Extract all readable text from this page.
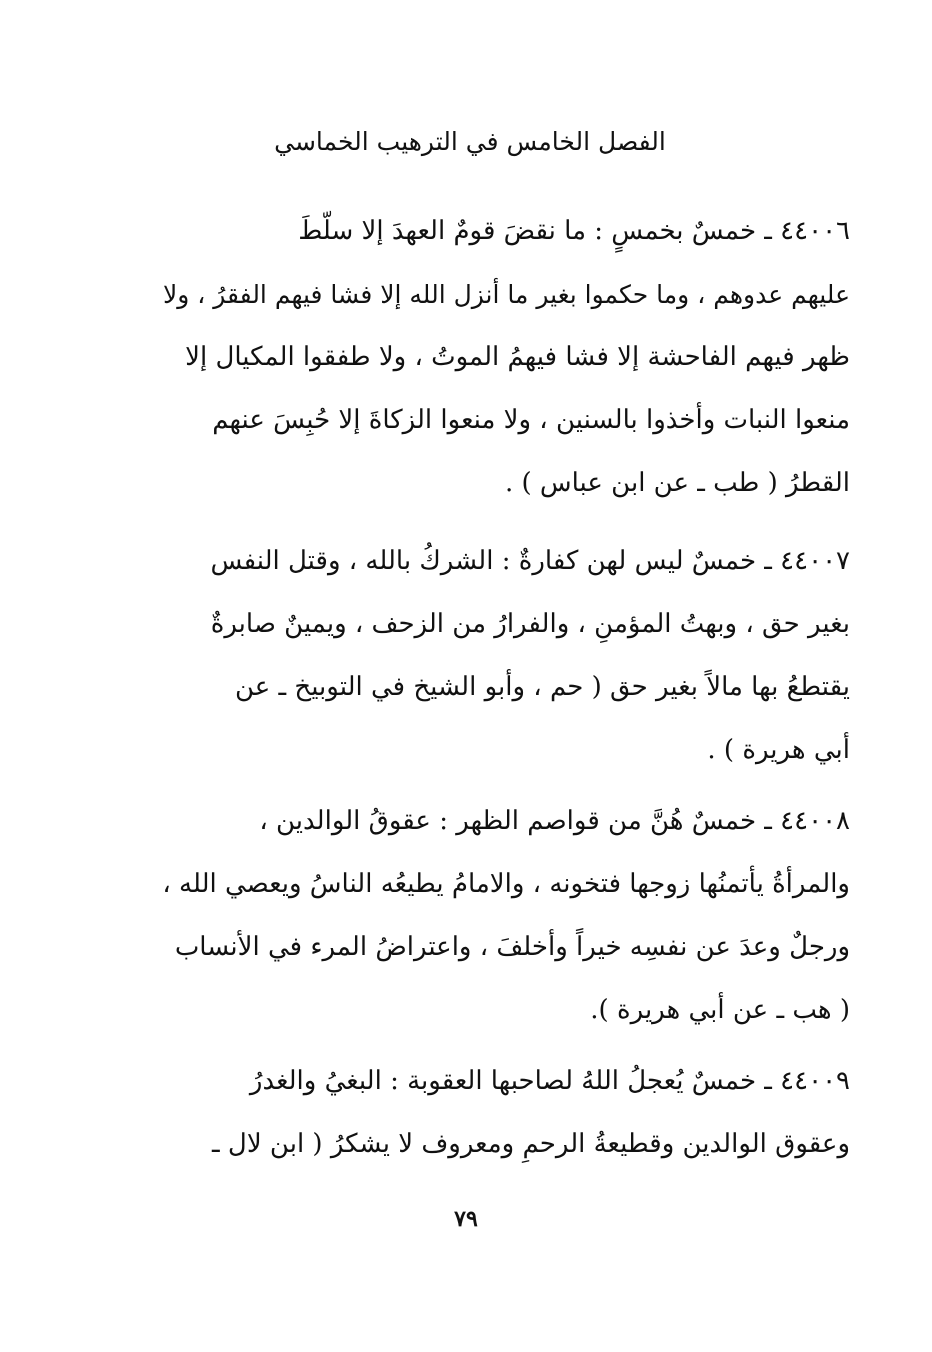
الفصل الخامس في الترهيب الخماسي
٤٤٠٠٦ ـ خمسٌ بخمسٍ : ما نقضَ قومٌ العهدَ إلا سلّطَ
عليهم عدوهم ، وما حكموا بغير ما أنزل الله إلا فشا فيهم الفقرُ ، ولا
ظهر فيهم الفاحشة إلا فشا فيهمُ الموتُ ، ولا طفقوا المكيال إلا
منعوا النبات وأخذوا بالسنين ، ولا منعوا الزكاةَ إلا حُبِسَ عنهم
القطرُ ( طب ـ عن ابن عباس ) .
٤٤٠٠٧ ـ خمسٌ ليس لهن كفارةٌ : الشركُ بالله ، وقتل النفس
بغير حق ، وبهتُ المؤمنِ ، والفرارُ من الزحف ، ويمينٌ صابرةٌ
يقتطعُ بها مالاً بغير حق ( حم ، وأبو الشيخ في التوبيخ ـ عن
أبي هريرة ) .
٤٤٠٠٨ ـ خمسٌ هُنَّ من قواصم الظهر : عقوقُ الوالدين ،
والمرأةُ يأتمنُها زوجها فتخونه ، والامامُ يطيعُه الناسُ ويعصي الله ،
ورجلٌ وعدَ عن نفسِه خيراً وأخلفَ ، واعتراضُ المرء في الأنساب
( هب ـ عن أبي هريرة ).
٤٤٠٠٩ ـ خمسٌ يُعجلُ اللهُ لصاحبها العقوبة : البغيُ والغدرُ
وعقوق الوالدين وقطيعةُ الرحمِ ومعروف لا يشكرُ ( ابن لال ـ
٧٩
